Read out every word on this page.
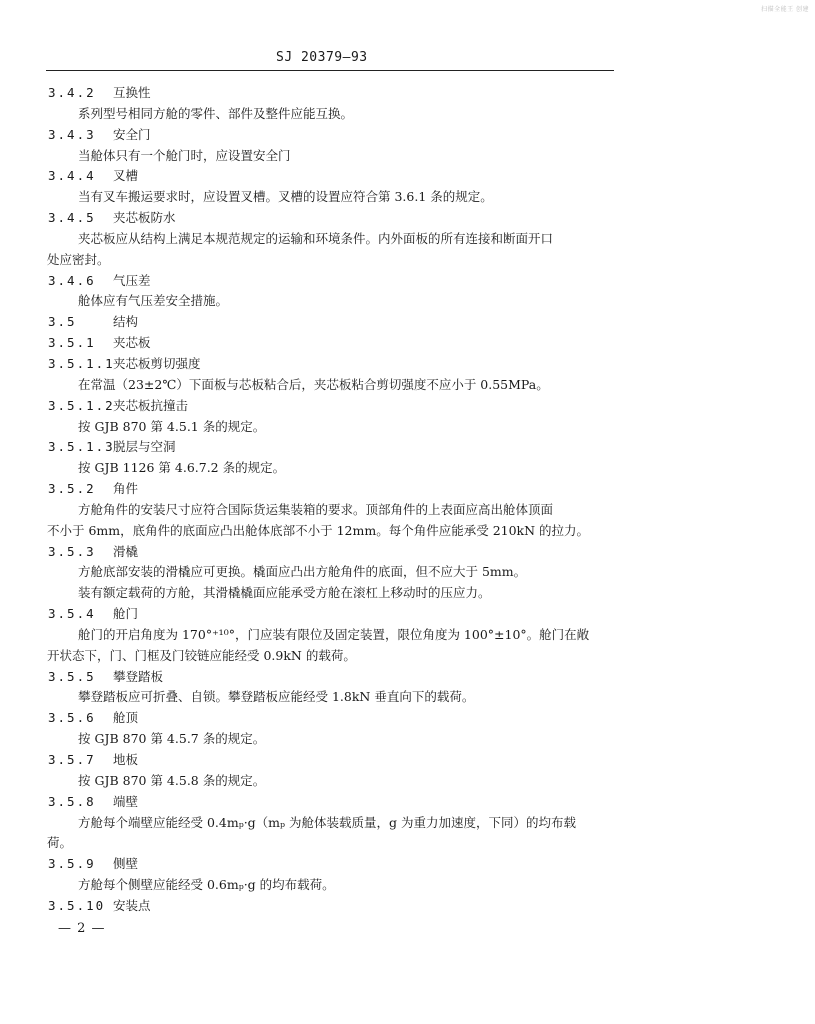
扫描全能王 创建
SJ 20379—93
3.4.2 互换性
系列型号相同方舱的零件、部件及整件应能互换。
3.4.3 安全门
当舱体只有一个舱门时，应设置安全门
3.4.4 叉槽
当有叉车搬运要求时，应设置叉槽。叉槽的设置应符合第 3.6.1 条的规定。
3.4.5 夹芯板防水
夹芯板应从结构上满足本规范规定的运输和环境条件。内外面板的所有连接和断面开口
处应密封。
3.4.6 气压差
舱体应有气压差安全措施。
3.5	结构
3.5.1 夹芯板
3.5.1.1
夹芯板剪切强度
在常温（23±2℃）下面板与芯板粘合后，夹芯板粘合剪切强度不应小于 0.55MPa。
3.5.1.2
夹芯板抗撞击
按 GJB 870 第 4.5.1 条的规定。
3.5.1.3
脱层与空洞
按 GJB 1126 第 4.6.7.2 条的规定。
3.5.2 角件
方舱角件的安装尺寸应符合国际货运集装箱的要求。顶部角件的上表面应高出舱体顶面
不小于 6mm，底角件的底面应凸出舱体底部不小于 12mm。每个角件应能承受 210kN 的拉力。
3.5.3 滑橇
方舱底部安装的滑橇应可更换。橇面应凸出方舱角件的底面，但不应大于 5mm。
装有额定载荷的方舱，其滑橇橇面应能承受方舱在滚杠上移动时的压应力。
3.5.4 舱门
舱门的开启角度为 170°⁺¹⁰°，门应装有限位及固定装置，限位角度为 100°±10°。舱门在敞
开状态下，门、门框及门铰链应能经受 0.9kN 的载荷。
3.5.5 攀登踏板
攀登踏板应可折叠、自锁。攀登踏板应能经受 1.8kN 垂直向下的载荷。
3.5.6 舱顶
按 GJB 870 第 4.5.7 条的规定。
3.5.7 地板
按 GJB 870 第 4.5.8 条的规定。
3.5.8 端壁
方舱每个端壁应能经受 0.4mₚ·g（mₚ 为舱体装载质量，g 为重力加速度，下同）的均布载
荷。
3.5.9 侧壁
方舱每个侧壁应能经受 0.6mₚ·g 的均布载荷。
3.5.10 安装点
— 2 —
